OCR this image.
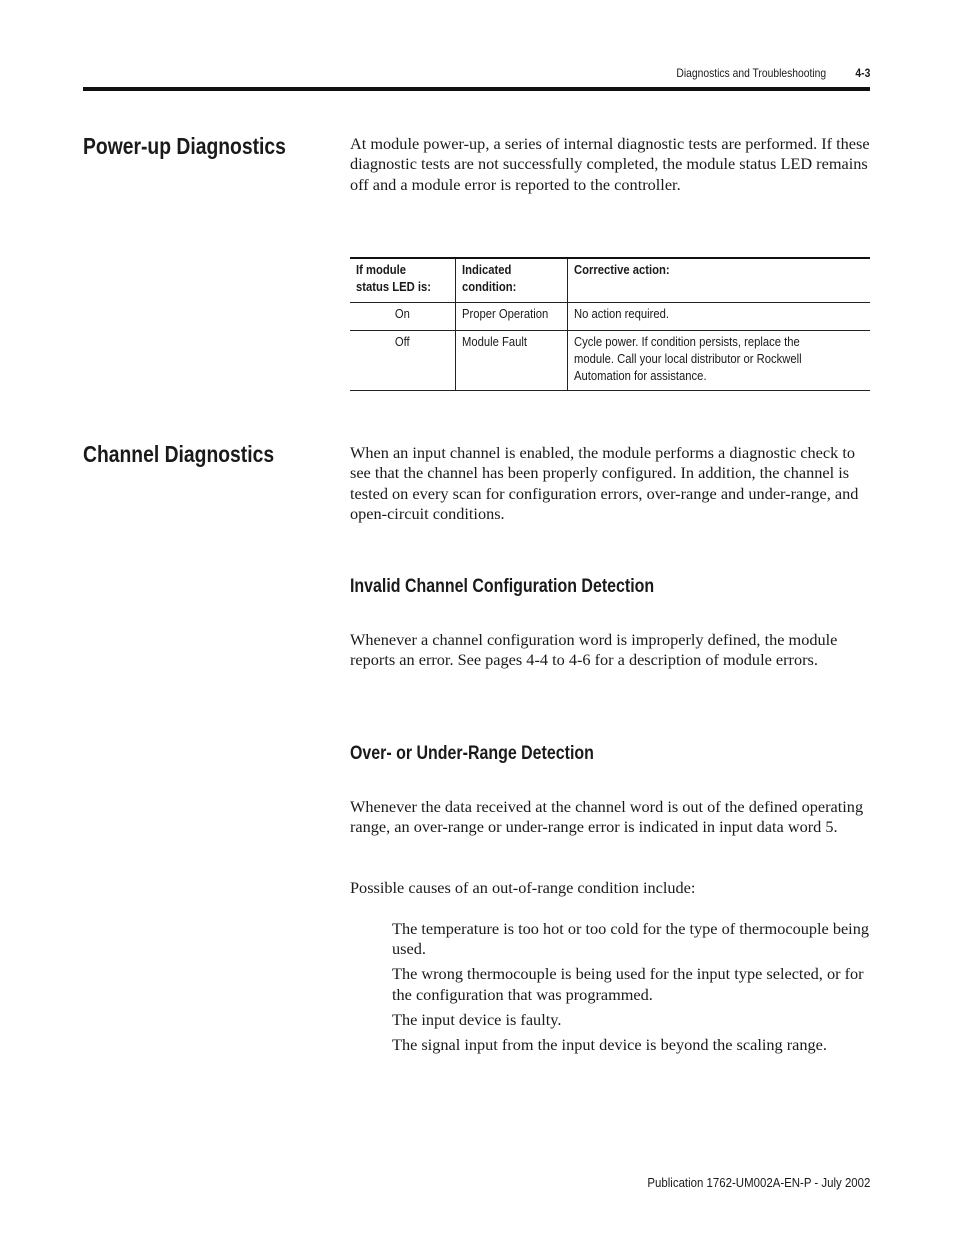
Diagnostics and Troubleshooting 4-3
Power-up Diagnostics	At module power-up, a series of internal diagnostic tests are performed. If these diagnostic tests are not successfully completed, the module status LED remains off and a module error is reported to the controller.

If module status LED is:	Indicated condition:	Corrective action:
On	Proper Operation	No action required.
Off	Module Fault	Cycle power. If condition persists, replace the module. Call your local distributor or Rockwell Automation for assistance.
Channel Diagnostics	When an input channel is enabled, the module performs a diagnostic check to see that the channel has been properly configured. In addition, the channel is tested on every scan for configuration errors, over-range and under-range, and open-circuit conditions.

Invalid Channel Configuration Detection

Whenever a channel configuration word is improperly defined, the module reports an error. See pages 4-4 to 4-6 for a description of module errors.

Over- or Under-Range Detection

Whenever the data received at the channel word is out of the defined operating range, an over-range or under-range error is indicated in input data word 5.

Possible causes of an out-of-range condition include:

The temperature is too hot or too cold for the type of thermocouple being used.
The wrong thermocouple is being used for the input type selected, or for the configuration that was programmed.
The input device is faulty.
The signal input from the input device is beyond the scaling range.
Publication 1762-UM002A-EN-P - July 2002
